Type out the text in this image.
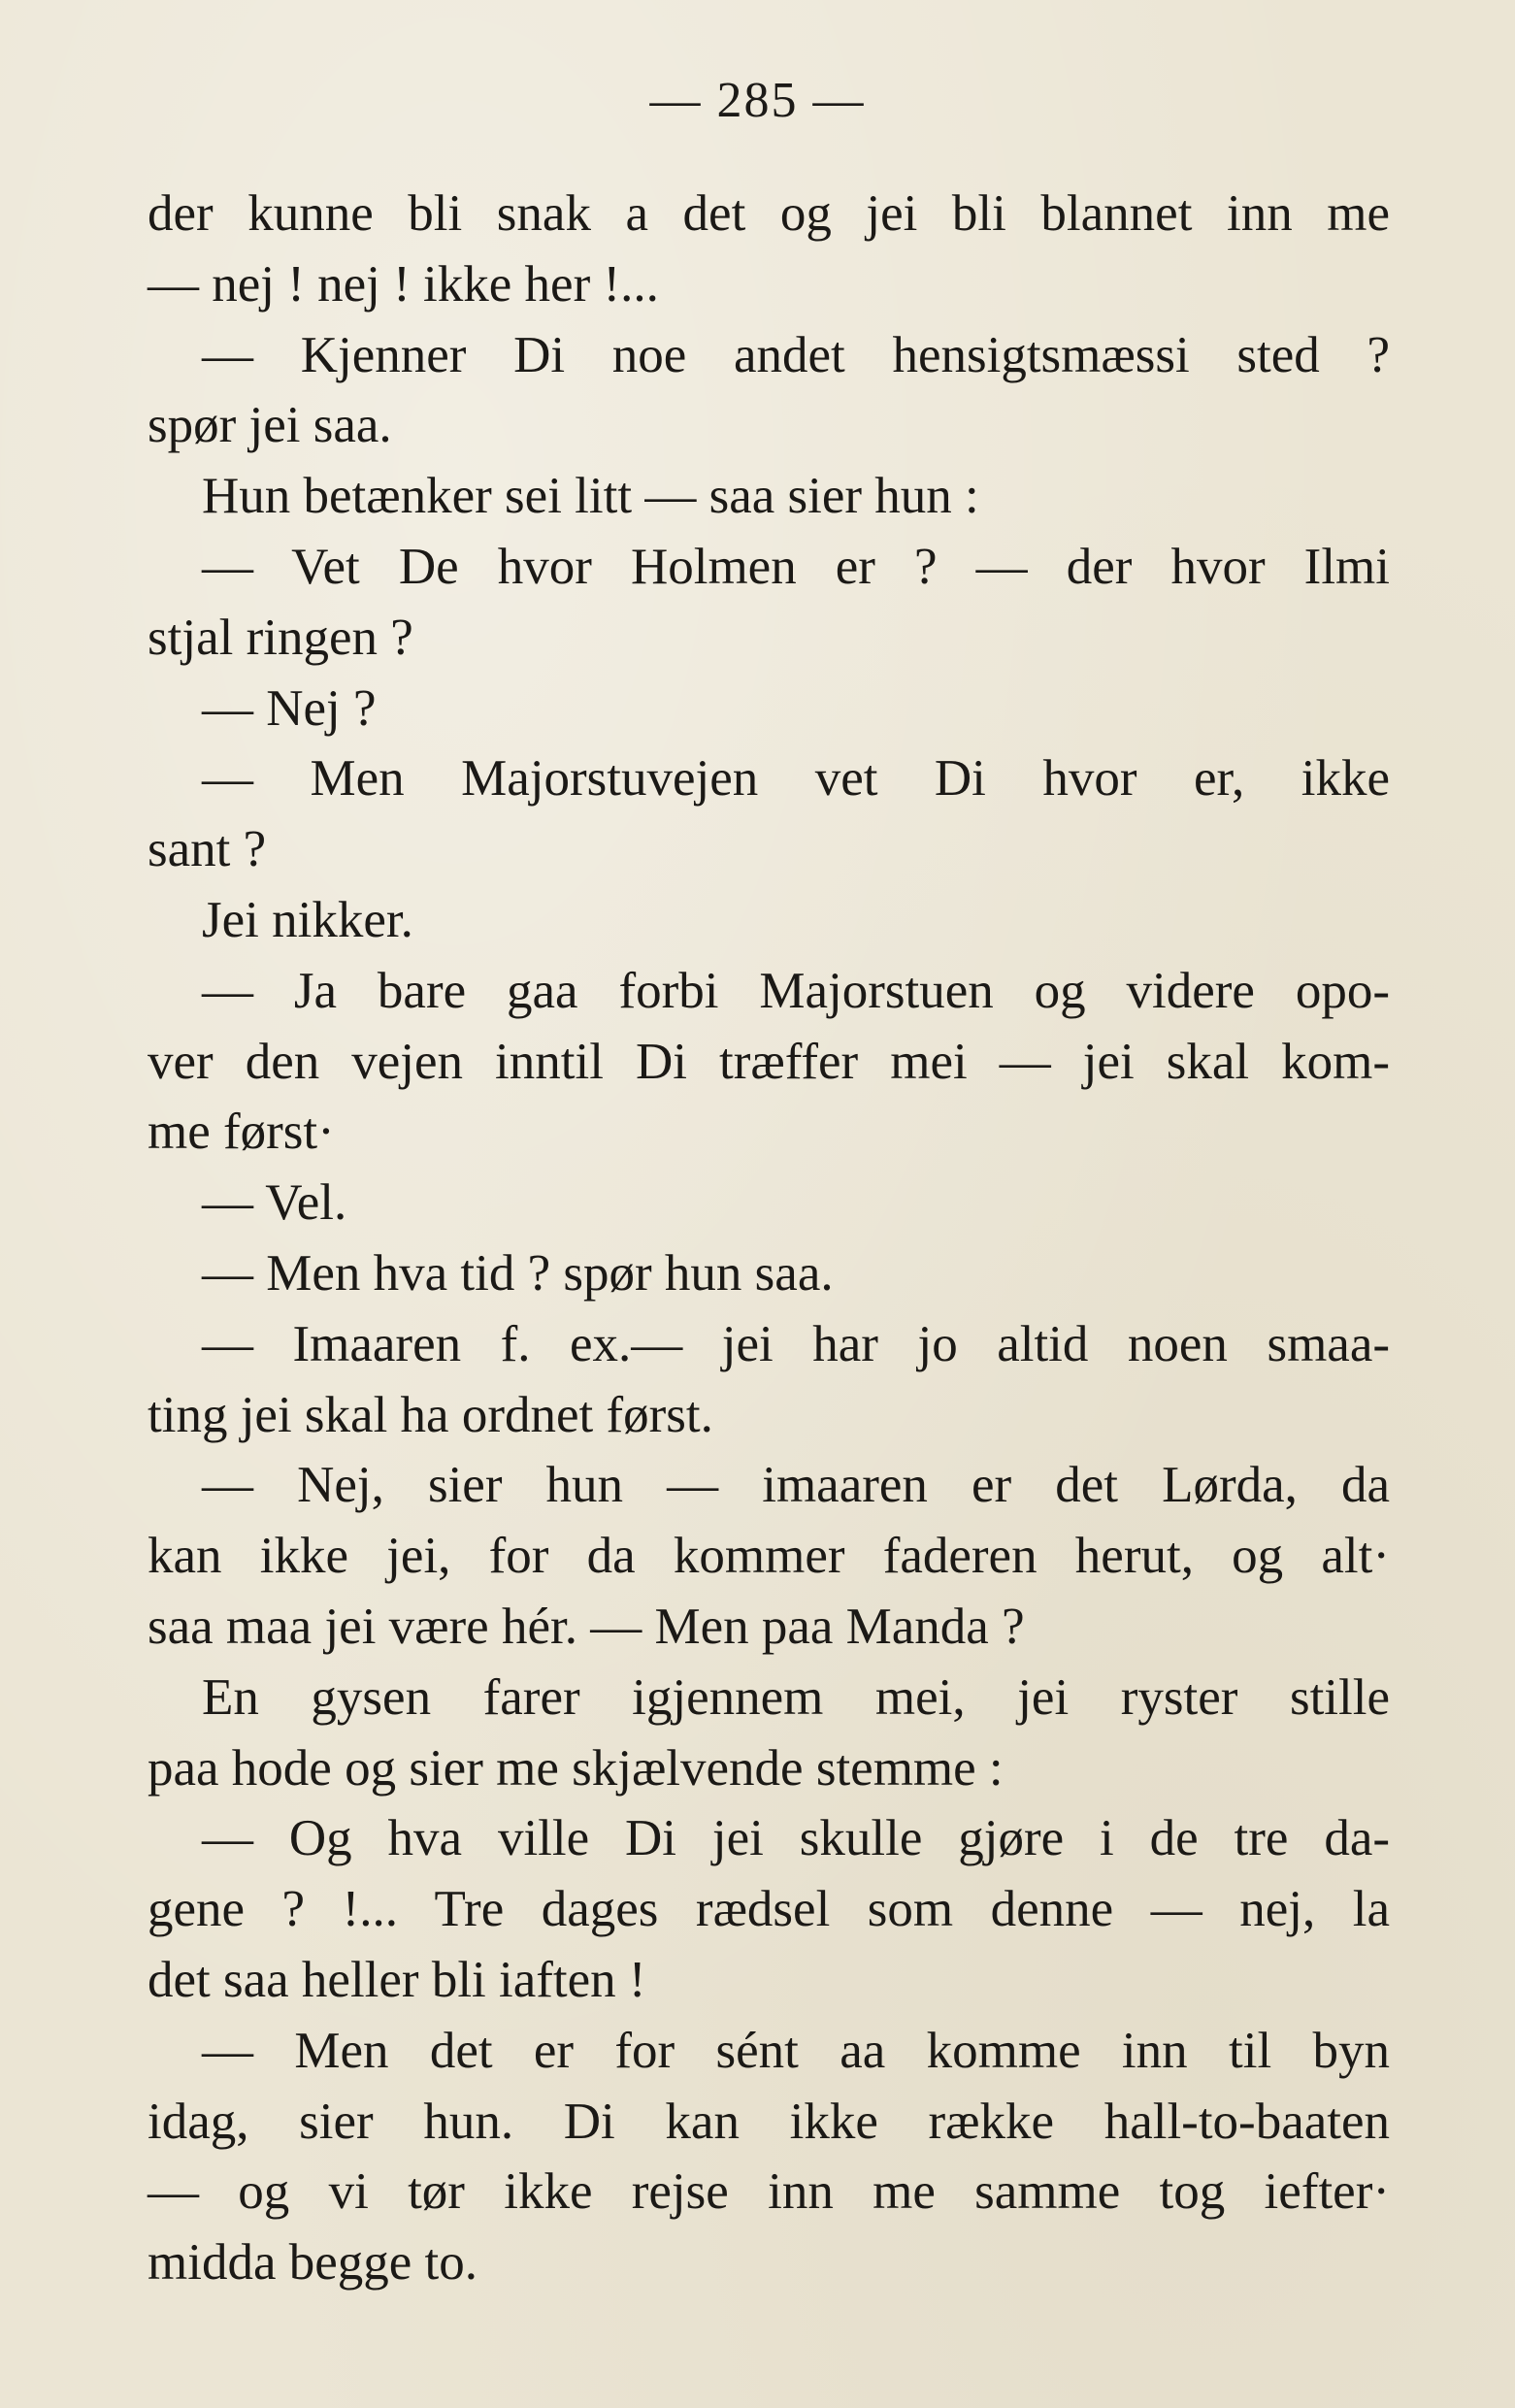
— 285 —
der kunne bli snak a det og jei bli blannet inn me
— nej ! nej ! ikke her !...
— Kjenner Di noe andet hensigtsmæssi sted ?
spør jei saa.
Hun betænker sei litt — saa sier hun :
— Vet De hvor Holmen er ? — der hvor Ilmi
stjal ringen ?
— Nej ?
— Men Majorstuvejen vet Di hvor er, ikke
sant ?
Jei nikker.
— Ja bare gaa forbi Majorstuen og videre opo-
ver den vejen inntil Di træffer mei — jei skal kom-
me først·
— Vel.
— Men hva tid ? spør hun saa.
— Imaaren f. ex.— jei har jo altid noen smaa-
ting jei skal ha ordnet først.
— Nej, sier hun — imaaren er det Lørda, da
kan ikke jei, for da kommer faderen herut, og alt·
saa maa jei være hér. — Men paa Manda ?
En gysen farer igjennem mei, jei ryster stille
paa hode og sier me skjælvende stemme :
— Og hva ville Di jei skulle gjøre i de tre da-
gene ? !... Tre dages rædsel som denne — nej, la
det saa heller bli iaften !
— Men det er for sént aa komme inn til byn
idag, sier hun. Di kan ikke række hall-to-baaten
— og vi tør ikke rejse inn me samme tog iefter·
midda begge to.
